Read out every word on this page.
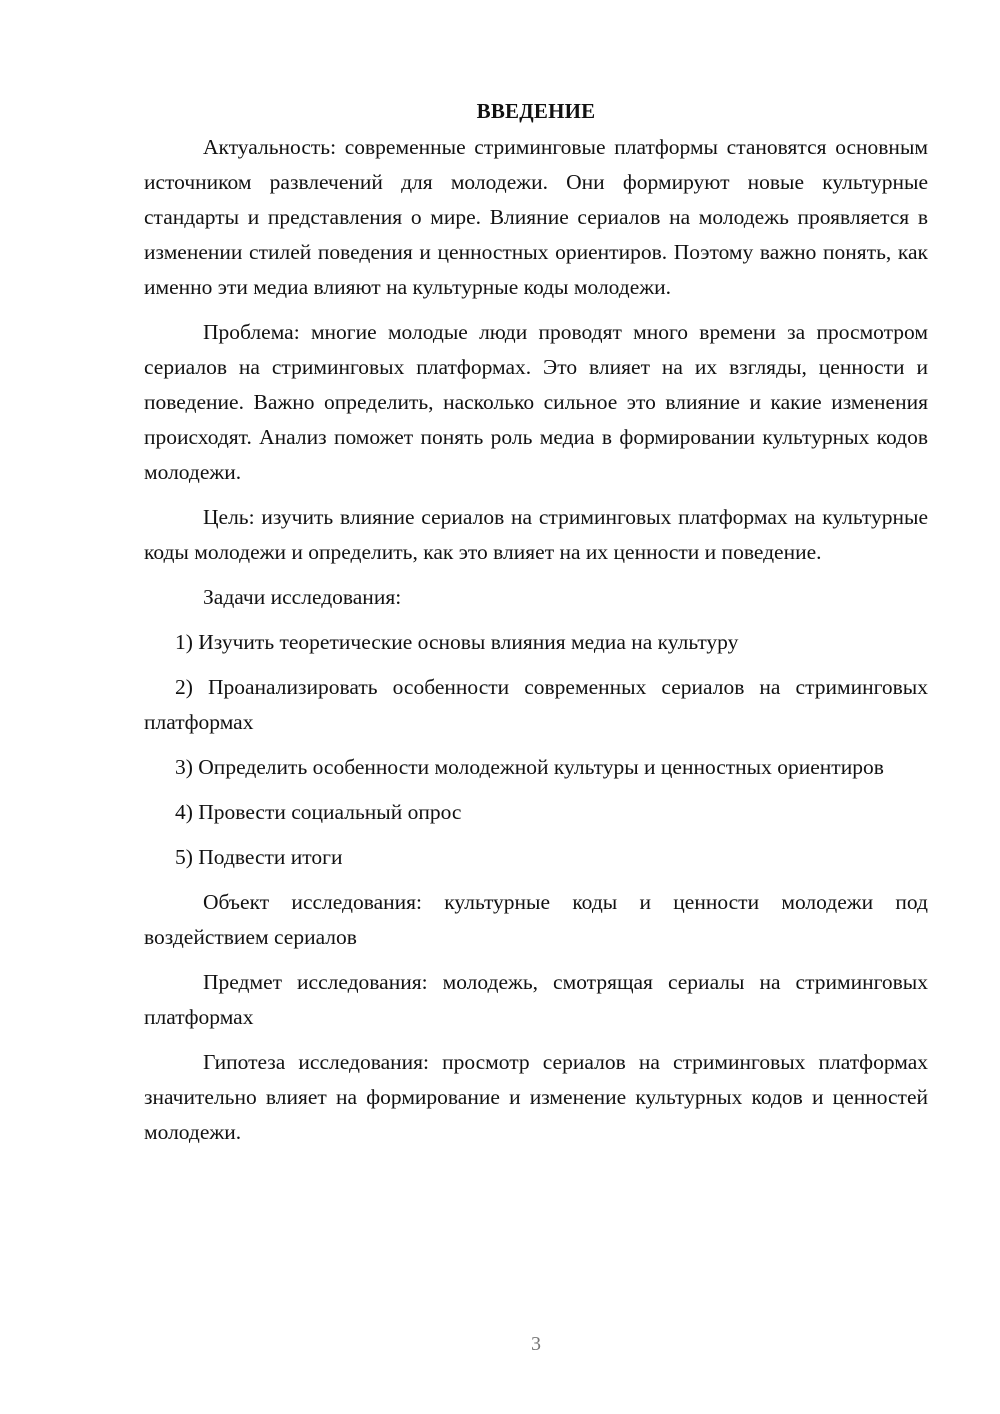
ВВЕДЕНИЕ

Актуальность: современные стриминговые платформы становятся основным источником развлечений для молодежи. Они формируют новые культурные стандарты и представления о мире. Влияние сериалов на молодежь проявляется в изменении стилей поведения и ценностных ориентиров. Поэтому важно понять, как именно эти медиа влияют на культурные коды молодежи.

Проблема: многие молодые люди проводят много времени за просмотром сериалов на стриминговых платформах. Это влияет на их взгляды, ценности и поведение. Важно определить, насколько сильное это влияние и какие изменения происходят. Анализ поможет понять роль медиа в формировании культурных кодов молодежи.

Цель: изучить влияние сериалов на стриминговых платформах на культурные коды молодежи и определить, как это влияет на их ценности и поведение.

Задачи исследования:

1) Изучить теоретические основы влияния медиа на культуру

2) Проанализировать особенности современных сериалов на стриминговых платформах

3) Определить особенности молодежной культуры и ценностных ориентиров

4) Провести социальный опрос

5) Подвести итоги

Объект исследования: культурные коды и ценности молодежи под воздействием сериалов

Предмет исследования: молодежь, смотрящая сериалы на стриминговых платформах

Гипотеза исследования: просмотр сериалов на стриминговых платформах значительно влияет на формирование и изменение культурных кодов и ценностей молодежи.

3
